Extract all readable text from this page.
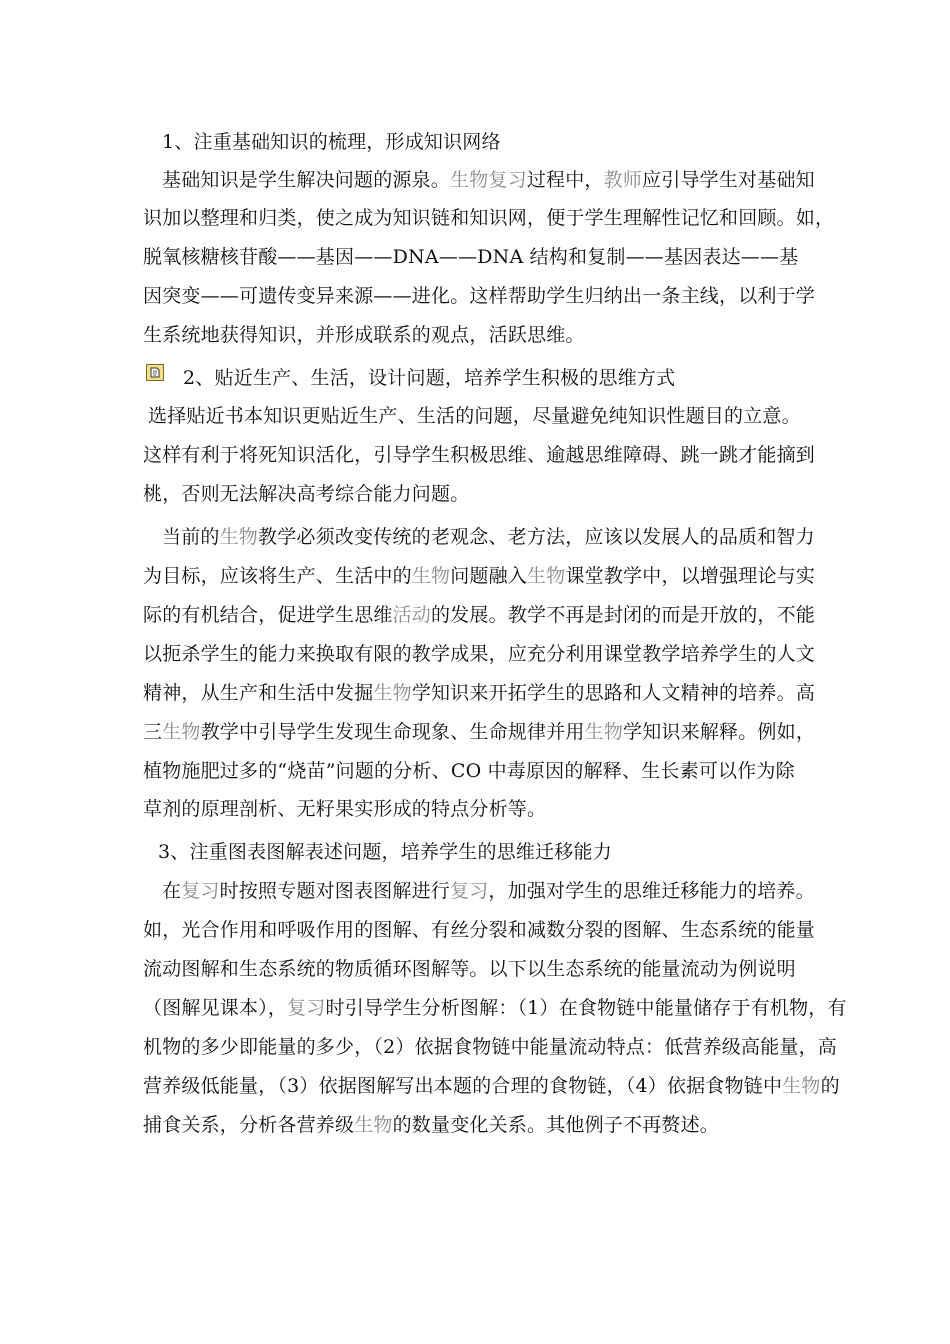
1、注重基础知识的梳理，形成知识网络
基础知识是学生解决问题的源泉。生物复习过程中，教师应引导学生对基础知
识加以整理和归类，使之成为知识链和知识网，便于学生理解性记忆和回顾。如，
脱氧核糖核苷酸——基因——DNA——DNA 结构和复制——基因表达——基
因突变——可遗传变异来源——进化。这样帮助学生归纳出一条主线，以利于学
生系统地获得知识，并形成联系的观点，活跃思维。
2、贴近生产、生活，设计问题，培养学生积极的思维方式
选择贴近书本知识更贴近生产、生活的问题，尽量避免纯知识性题目的立意。
这样有利于将死知识活化，引导学生积极思维、逾越思维障碍、跳一跳才能摘到
桃，否则无法解决高考综合能力问题。
当前的生物教学必须改变传统的老观念、老方法，应该以发展人的品质和智力
为目标，应该将生产、生活中的生物问题融入生物课堂教学中，以增强理论与实
际的有机结合，促进学生思维活动的发展。教学不再是封闭的而是开放的，不能
以扼杀学生的能力来换取有限的教学成果，应充分利用课堂教学培养学生的人文
精神，从生产和生活中发掘生物学知识来开拓学生的思路和人文精神的培养。高
三生物教学中引导学生发现生命现象、生命规律并用生物学知识来解释。例如，
植物施肥过多的“烧苗”问题的分析、CO 中毒原因的解释、生长素可以作为除
草剂的原理剖析、无籽果实形成的特点分析等。
3、注重图表图解表述问题，培养学生的思维迁移能力
在复习时按照专题对图表图解进行复习，加强对学生的思维迁移能力的培养。
如，光合作用和呼吸作用的图解、有丝分裂和减数分裂的图解、生态系统的能量
流动图解和生态系统的物质循环图解等。以下以生态系统的能量流动为例说明
（图解见课本），复习时引导学生分析图解：（1）在食物链中能量储存于有机物，有
机物的多少即能量的多少，（2）依据食物链中能量流动特点：低营养级高能量，高
营养级低能量，（3）依据图解写出本题的合理的食物链，（4）依据食物链中生物的
捕食关系，分析各营养级生物的数量变化关系。其他例子不再赘述。
